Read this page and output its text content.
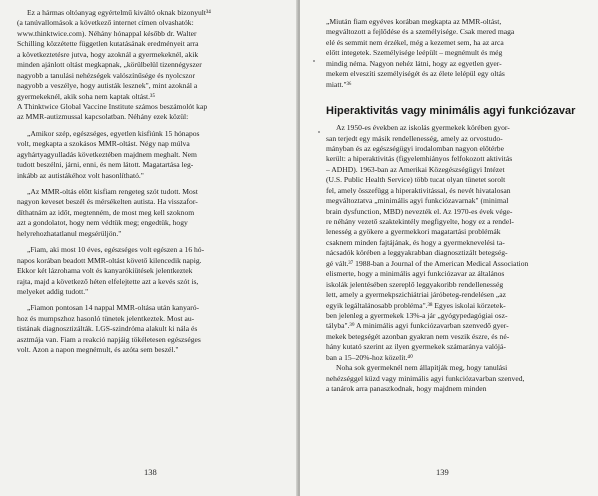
Ez a hármas oltóanyag egyértelmű kiváltó oknak bizonyult³⁴
(a tanúvallomások a következő internet címen olvashatók:
www.thinktwice.com). Néhány hónappal később dr. Walter
Schilling közzétette független kutatásának eredményeit arra
a következtetésre jutva, hogy azoknál a gyermekeknél, akik
minden ajánlott oltást megkapnak, „körülbelül tizennégyszer
nagyobb a tanulási nehézségek valószínűsége és nyolcszor
nagyobb a veszélye, hogy autisták lesznek", mint azoknál a
gyermekeknél, akik soha nem kaptak oltást.³⁵
A Thinktwice Global Vaccine Institute számos beszámolót kap
az MMR-autizmussal kapcsolatban. Néhány ezek közül:
„Amikor szép, egészséges, egyetlen kisfiúnk 15 hónapos
volt, megkapta a szokásos MMR-oltást. Négy nap múlva
agyhártyagyulladás következtében majdnem meghalt. Nem
tudott beszélni, járni, enni, és nem látott. Magatartása leg-
inkább az autistákéhoz volt hasonlítható."
„Az MMR-oltás előtt kisfiam rengeteg szót tudott. Most
nagyon keveset beszél és mérsékelten autista. Ha visszafor-
díthatnám az időt, megtenném, de most meg kell szoknom
azt a gondolatot, hogy nem védtük meg; engedtük, hogy
helyrehozhatatlanul megsérüljön."
„Fiam, aki most 10 éves, egészséges volt egészen a 16 hó-
napos korában beadott MMR-oltást követő kilencedik napig.
Ekkor két lázrohama volt és kanyarókiütések jelentkeztek
rajta, majd a következő héten elfelejtette azt a kevés szót is,
melyeket addig tudott."
„Fiamon pontosan 14 nappal MMR-oltása után kanyaró-
hoz és mumpszhoz hasonló tünetek jelentkeztek. Most au-
tistának diagnosztizálták. LGS-szindróma alakult ki nála és
asztmája van. Fiam a reakció napjáig tökéletesen egészséges
volt. Azon a napon megnémult, és azóta sem beszél."
138
„Miután fiam egyéves korában megkapta az MMR-oltást,
megváltozott a fejlődése és a személyisége. Csak mered maga
elé és semmit nem érzékel, még a kezemet sem, ha az arca
előtt integetek. Személyisége leépült – megnémult és még
mindig néma. Nagyon nehéz látni, hogy az egyetlen gyer-
mekem elveszíti személyiségét és az élete lelépül egy oltás
miatt."³⁶
Hiperaktivitás vagy minimális agyi funkciózavar
Az 1950-es években az iskolás gyermekek körében gyor-
san terjedt egy másik rendellenesség, amely az orvostudo-
mányban és az egészségügyi irodalomban nagyon előtérbe
került: a hiperaktivitás (figyelemhiányos felfokozott aktivitás
– ADHD). 1963-ban az Amerikai Közegészségügyi Intézet
(U.S. Public Health Service) több tucat olyan tünetet sorolt
fel, amely összefügg a hiperaktivitással, és nevét hivatalosan
megváltoztatva „minimális agyi funkciózavarnak" (minimal
brain dysfunction, MBD) nevezték el. Az 1970-es évek vége-
re néhány vezető szaktekintély megfigyelte, hogy ez a rendel-
lenesség a gyökere a gyermekkori magatartási problémák
csaknem minden fajtájának, és hogy a gyermeknevelési ta-
nácsadók körében a leggyakrabban diagnosztizált betegség-
gé vált.³⁷ 1988-ban a Journal of the American Medical Association
elismerte, hogy a minimális agyi funkciózavar az általános
iskolák jelentésében szereplő leggyakoribb rendellenesség
lett, amely a gyermekpszichiátriai járóbeteg-rendelésen „az
egyik legáltalánosabb probléma".³⁸ Egyes iskolai körzetek-
ben jelenleg a gyermekek 13%-a jár „gyógypedagógiai osz-
tályba".³⁹ A minimális agyi funkciózavarban szenvedő gyer-
mekek betegségét azonban gyakran nem veszik észre, és né-
hány kutató szerint az ilyen gyermekek számaránya valójá-
ban a 15–20%-hoz közelít.⁴⁰
Noha sok gyermeknél nem állapítják meg, hogy tanulási
nehézséggel küzd vagy minimális agyi funkciózavarban szenved,
a tanárok arra panaszkodnak, hogy majdnem minden
139
